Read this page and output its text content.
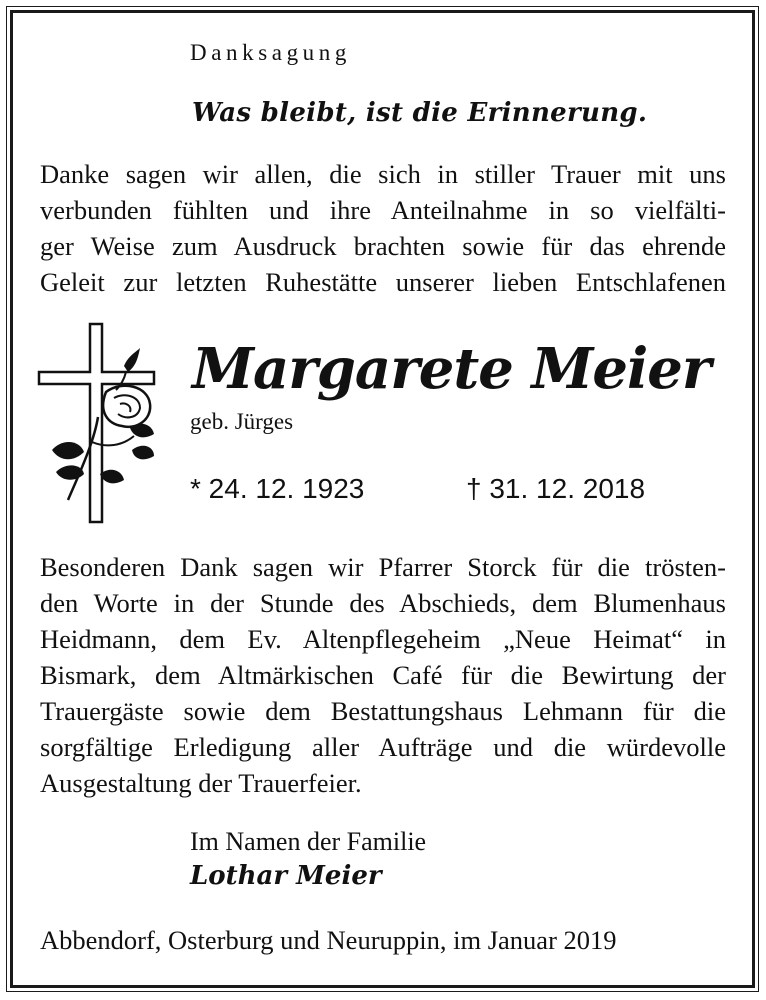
Danksagung
Was bleibt, ist die Erinnerung.
Danke sagen wir allen, die sich in stiller Trauer mit uns
verbunden fühlten und ihre Anteilnahme in so vielfälti-
ger Weise zum Ausdruck brachten sowie für das ehrende
Geleit zur letzten Ruhestätte unserer lieben Entschlafenen
Margarete Meier
geb. Jürges
* 24. 12. 1923	† 31. 12. 2018
Besonderen Dank sagen wir Pfarrer Storck für die trösten-
den Worte in der Stunde des Abschieds, dem Blumenhaus
Heidmann, dem Ev. Altenpflegeheim „Neue Heimat“ in
Bismark, dem Altmärkischen Café für die Bewirtung der
Trauergäste sowie dem Bestattungshaus Lehmann für die
sorgfältige Erledigung aller Aufträge und die würdevolle
Ausgestaltung der Trauerfeier.
Im Namen der Familie
Lothar Meier
Abbendorf, Osterburg und Neuruppin, im Januar 2019
